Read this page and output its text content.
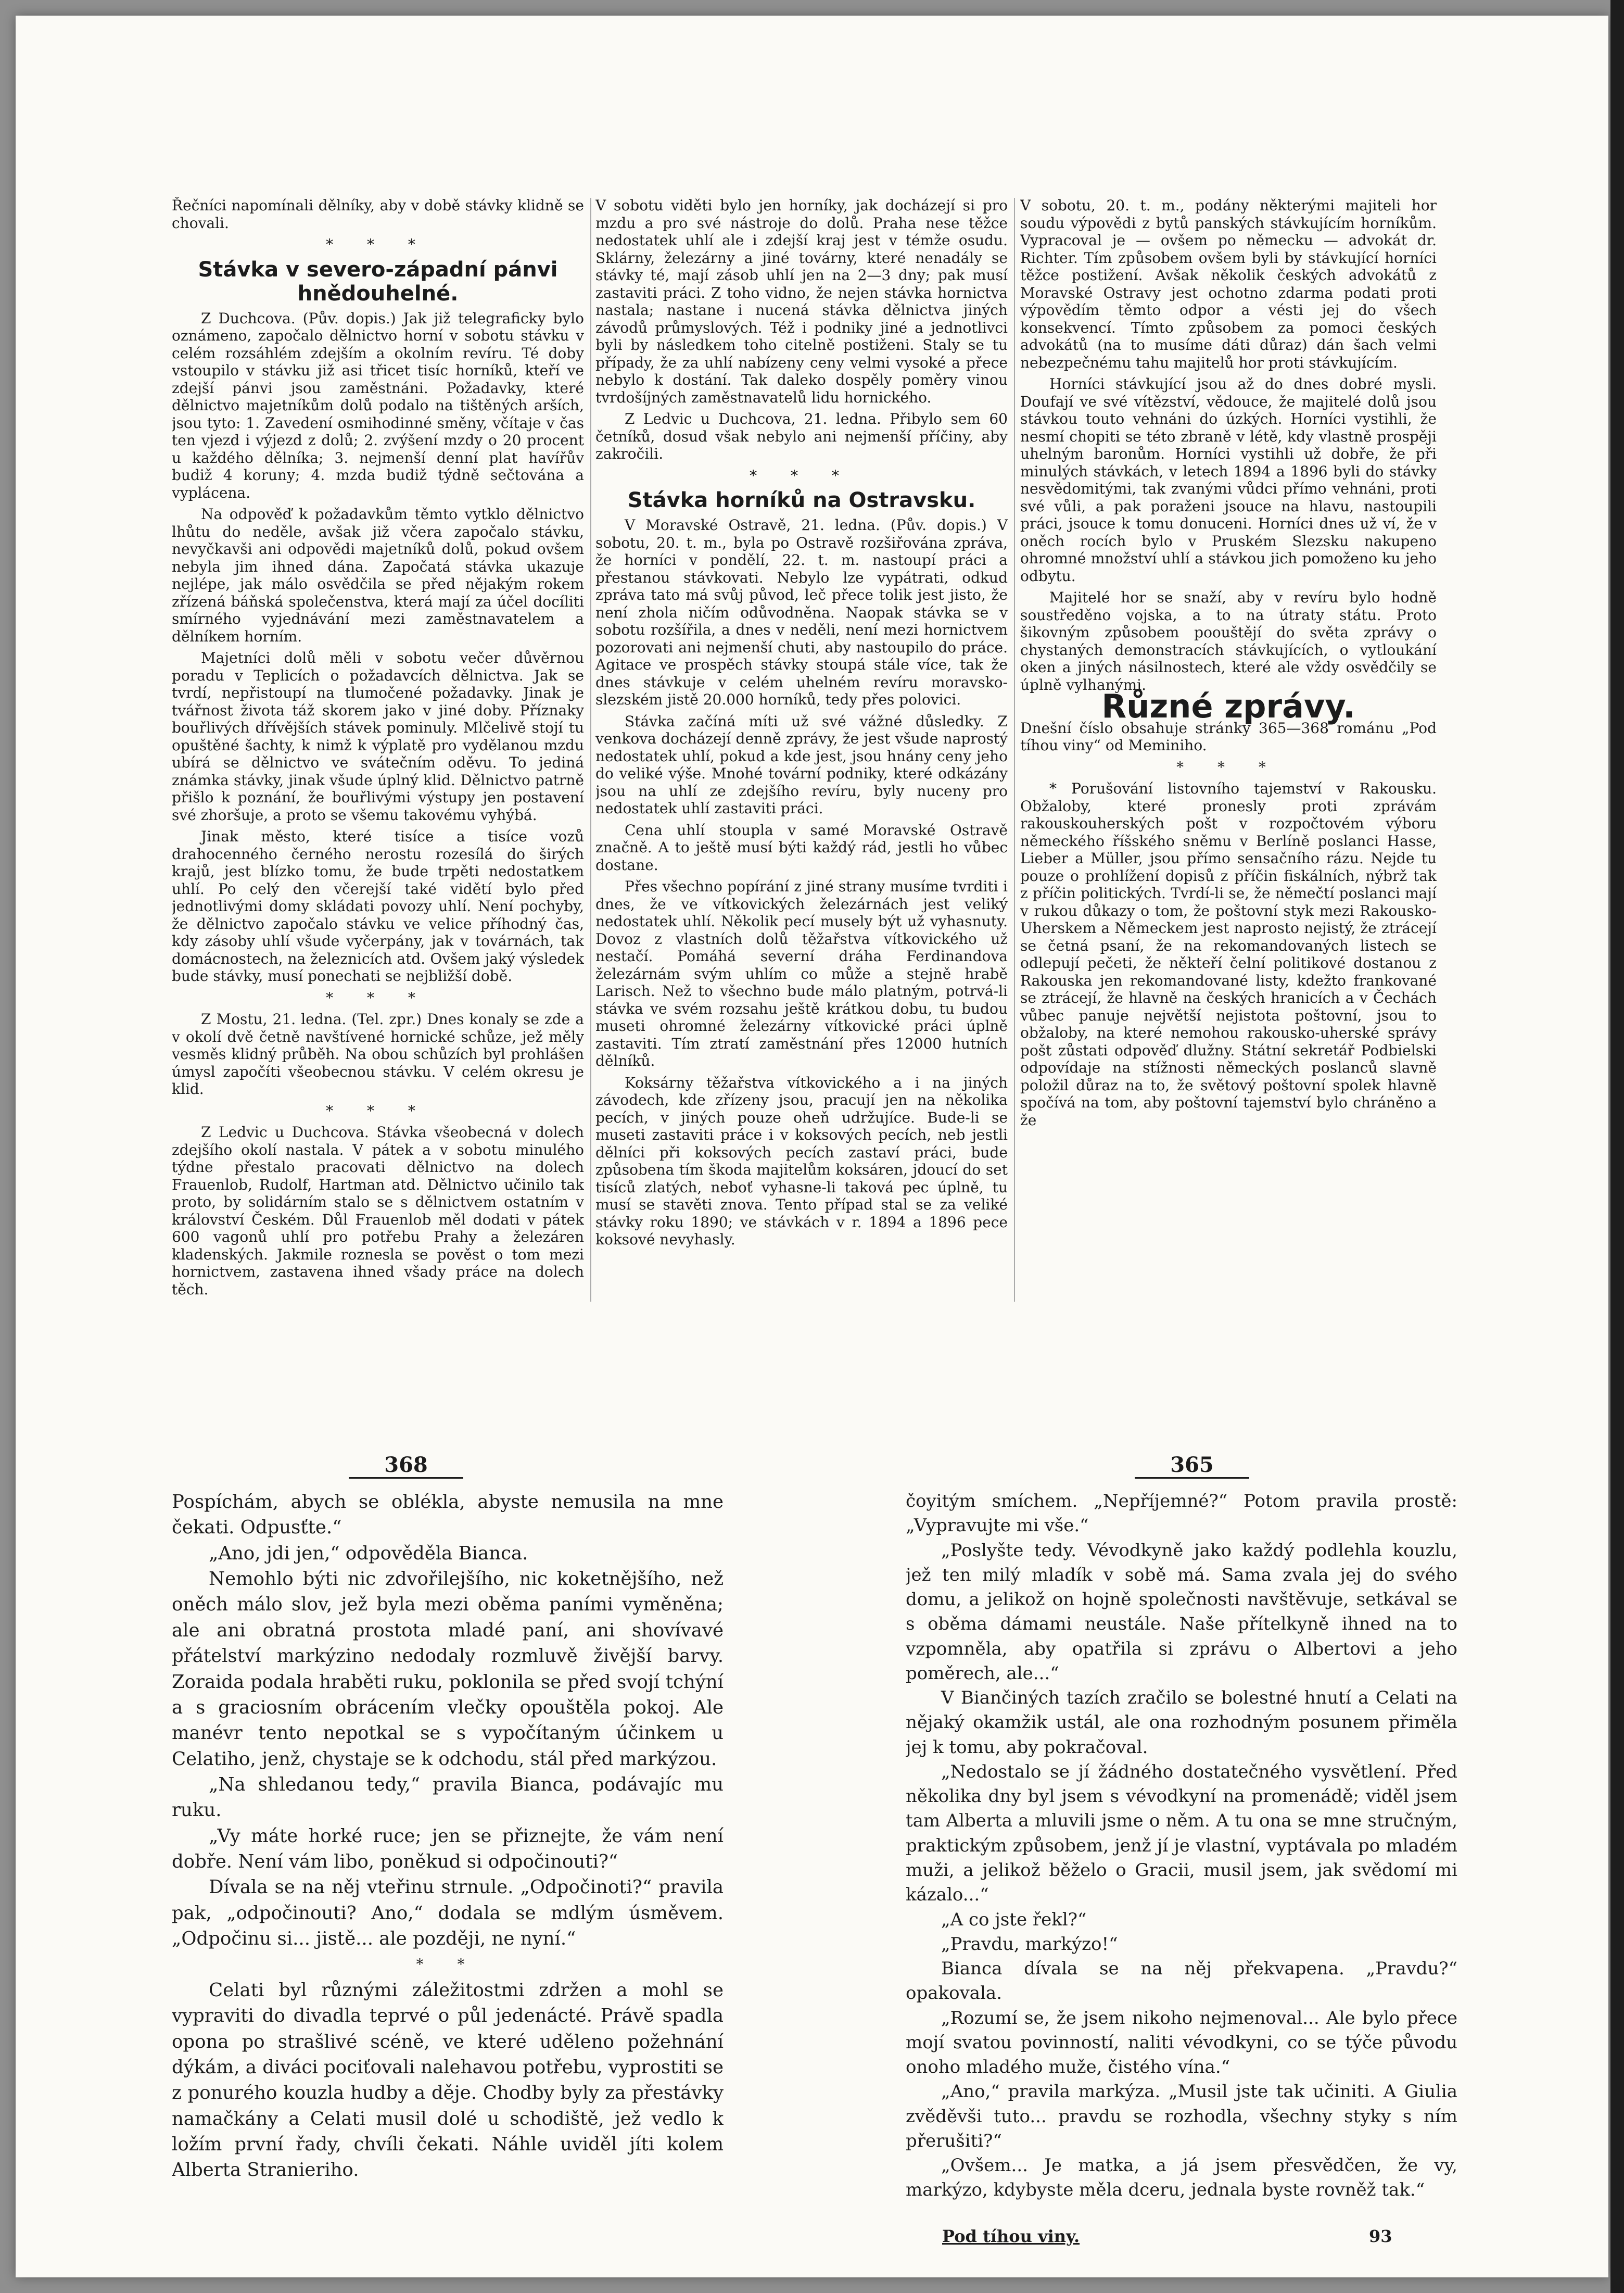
Řečníci napomínali dělníky, aby v době stávky klidně se chovali.

* * *

Stávka v severo-západní pánvi hnědouhelné.

Z Duchcova. (Pův. dopis.) Jak již telegraficky bylo oznámeno, započalo dělnictvo horní v sobotu stávku v celém rozsáhlém zdejším a okolním revíru. Té doby vstoupilo v stávku již asi třicet tisíc horníků, kteří ve zdejší pánvi jsou zaměstnáni. Požadavky, které dělnictvo majetníkům dolů podalo na tištěných arších, jsou tyto: 1. Zavedení osmihodinné směny, včítaje v čas ten vjezd i výjezd z dolů; 2. zvýšení mzdy o 20 procent u každého dělníka; 3. nejmenší denní plat havířův budiž 4 koruny; 4. mzda budiž týdně sečtována a vyplácena.

Na odpověď k požadavkům těmto vytklo dělnictvo lhůtu do neděle, avšak již včera započalo stávku, nevyčkavši ani odpovědi majetníků dolů, pokud ovšem nebyla jim ihned dána. Započatá stávka ukazuje nejlépe, jak málo osvědčila se před nějakým rokem zřízená báňská společenstva, která mají za účel docíliti smírného vyjednávání mezi zaměstnavatelem a dělníkem horním.

Majetníci dolů měli v sobotu večer důvěrnou poradu v Teplicích o požadavcích dělnictva. Jak se tvrdí, nepřistoupí na tlumočené požadavky. Jinak je tvářnost života táž skorem jako v jiné doby. Příznaky bouřlivých dřívějších stávek pominuly. Mlčelivě stojí tu opuštěné šachty, k nimž k výplatě pro vydělanou mzdu ubírá se dělnictvo ve svátečním oděvu. To jediná známka stávky, jinak všude úplný klid. Dělnictvo patrně přišlo k poznání, že bouřlivými výstupy jen postavení své zhoršuje, a proto se všemu takovému vyhýbá.

Jinak město, které tisíce a tisíce vozů drahocenného černého nerostu rozesílá do širých krajů, jest blízko tomu, že bude trpěti nedostatkem uhlí. Po celý den včerejší také vidětí bylo před jednotlivými domy skládati povozy uhlí. Není pochyby, že dělnictvo započalo stávku ve velice příhodný čas, kdy zásoby uhlí všude vyčerpány, jak v továrnách, tak domácnostech, na železnicích atd. Ovšem jaký výsledek bude stávky, musí ponechati se nejbližší době.

* * *

Z Mostu, 21. ledna. (Tel. zpr.) Dnes konaly se zde a v okolí dvě četně navštívené hornické schůze, jež měly vesměs klidný průběh. Na obou schůzích byl prohlášen úmysl započíti všeobecnou stávku. V celém okresu je klid.

* * *

Z Ledvic u Duchcova. Stávka všeobecná v dolech zdejšího okolí nastala. V pátek a v sobotu minulého týdne přestalo pracovati dělnictvo na dolech Frauenlob, Rudolf, Hartman atd. Dělnictvo učinilo tak proto, by solidárním stalo se s dělnictvem ostatním v království Českém. Důl Frauenlob měl dodati v pátek 600 vagonů uhlí pro potřebu Prahy a železáren kladenských. Jakmile roznesla se pověst o tom mezi hornictvem, zastavena ihned všady práce na dolech těch.

V sobotu viděti bylo jen horníky, jak docházejí si pro mzdu a pro své nástroje do dolů. Praha nese těžce nedostatek uhlí ale i zdejší kraj jest v témže osudu. Sklárny, železárny a jiné továrny, které nenadály se stávky té, mají zásob uhlí jen na 2—3 dny; pak musí zastaviti práci. Z toho vidno, že nejen stávka hornictva nastala; nastane i nucená stávka dělnictva jiných závodů průmyslových. Též i podniky jiné a jednotlivci byli by následkem toho citelně postiženi. Staly se tu případy, že za uhlí nabízeny ceny velmi vysoké a přece nebylo k dostání. Tak daleko dospěly poměry vinou tvrdošíjných zaměstnavatelů lidu hornického.

Z Ledvic u Duchcova, 21. ledna. Přibylo sem 60 četníků, dosud však nebylo ani nejmenší příčiny, aby zakročili.

* * *

Stávka horníků na Ostravsku.

V Moravské Ostravě, 21. ledna. (Pův. dopis.) V sobotu, 20. t. m., byla po Ostravě rozšiřována zpráva, že horníci v pondělí, 22. t. m. nastoupí práci a přestanou stávkovati. Nebylo lze vypátrati, odkud zpráva tato má svůj původ, leč přece tolik jest jisto, že není zhola ničím odůvodněna. Naopak stávka se v sobotu rozšířila, a dnes v neděli, není mezi hornictvem pozorovati ani nejmenší chuti, aby nastoupilo do práce. Agitace ve prospěch stávky stoupá stále více, tak že dnes stávkuje v celém uhelném revíru moravsko-slezském jistě 20.000 horníků, tedy přes polovici.

Stávka začíná míti už své vážné důsledky. Z venkova docházejí denně zprávy, že jest všude naprostý nedostatek uhlí, pokud a kde jest, jsou hnány ceny jeho do veliké výše. Mnohé tovární podniky, které odkázány jsou na uhlí ze zdejšího revíru, byly nuceny pro nedostatek uhlí zastaviti práci.

Cena uhlí stoupla v samé Moravské Ostravě značně. A to ještě musí býti každý rád, jestli ho vůbec dostane.

Přes všechno popírání z jiné strany musíme tvrditi i dnes, že ve vítkovických železárnách jest veliký nedostatek uhlí. Několik pecí musely být už vyhasnuty. Dovoz z vlastních dolů těžařstva vítkovického už nestačí. Pomáhá severní dráha Ferdinandova železárnám svým uhlím co může a stejně hrabě Larisch. Než to všechno bude málo platným, potrvá-li stávka ve svém rozsahu ještě krátkou dobu, tu budou museti ohromné železárny vítkovické práci úplně zastaviti. Tím ztratí zaměstnání přes 12000 hutních dělníků.

Koksárny těžařstva vítkovického a i na jiných závodech, kde zřízeny jsou, pracují jen na několika pecích, v jiných pouze oheň udržujíce. Bude-li se museti zastaviti práce i v koksových pecích, neb jestli dělníci při koksových pecích zastaví práci, bude způsobena tím škoda majitelům koksáren, jdoucí do set tisíců zlatých, neboť vyhasne-li taková pec úplně, tu musí se stavěti znova. Tento případ stal se za veliké stávky roku 1890; ve stávkách v r. 1894 a 1896 pece koksové nevyhasly.

V sobotu, 20. t. m., podány některými majiteli hor soudu výpovědi z bytů panských stávkujícím horníkům. Vypracoval je — ovšem po německu — advokát dr. Richter. Tím způsobem ovšem byli by stávkující horníci těžce postižení. Avšak několik českých advokátů z Moravské Ostravy jest ochotno zdarma podati proti výpovědím těmto odpor a vésti jej do všech konsekvencí. Tímto způsobem za pomoci českých advokátů (na to musíme dáti důraz) dán šach velmi nebezpečnému tahu majitelů hor proti stávkujícím.

Horníci stávkující jsou až do dnes dobré mysli. Doufají ve své vítězství, vědouce, že majitelé dolů jsou stávkou touto vehnáni do úzkých. Horníci vystihli, že nesmí chopiti se této zbraně v létě, kdy vlastně prospěji uhelným baronům. Horníci vystihli už dobře, že při minulých stávkách, v letech 1894 a 1896 byli do stávky nesvědomitými, tak zvanými vůdci přímo vehnáni, proti své vůli, a pak poraženi jsouce na hlavu, nastoupili práci, jsouce k tomu donuceni. Horníci dnes už ví, že v oněch rocích bylo v Pruském Slezsku nakupeno ohromné množství uhlí a stávkou jich pomoženo ku jeho odbytu.

Majitelé hor se snaží, aby v revíru bylo hodně soustředěno vojska, a to na útraty státu. Proto šikovným způsobem poouštějí do světa zprávy o chystaných demonstracích stávkujících, o vytloukání oken a jiných násilnostech, které ale vždy osvědčily se úplně vylhanými.

Různé zprávy.

Dnešní číslo obsahuje stránky 365—368 románu „Pod tíhou viny“ od Meminiho.

* * *

* Porušování listovního tajemství v Rakousku. Obžaloby, které pronesly proti zprávám rakouskouherských pošt v rozpočtovém výboru německého říšského sněmu v Berlíně poslanci Hasse, Lieber a Müller, jsou přímo sensačního rázu. Nejde tu pouze o prohlížení dopisů z příčin fiskálních, nýbrž tak z příčin politických. Tvrdí-li se, že němečtí poslanci mají v rukou důkazy o tom, že poštovní styk mezi Rakousko-Uherskem a Německem jest naprosto nejistý, že ztrácejí se četná psaní, že na rekomandovaných listech se odlepují pečeti, že někteří čelní politikové dostanou z Rakouska jen rekomandované listy, kdežto frankované se ztrácejí, že hlavně na českých hranicích a v Čechách vůbec panuje největší nejistota poštovní, jsou to obžaloby, na které nemohou rakousko-uherské správy pošt zůstati odpověď dlužny. Státní sekretář Podbielski odpovídaje na stížnosti německých poslanců slavně položil důraz na to, že světový poštovní spolek hlavně spočívá na tom, aby poštovní tajemství bylo chráněno a že

368	365

Pospíchám, abych se oblékla, abyste nemusila na mne čekati. Odpusťte.“

„Ano, jdi jen,“ odpověděla Bianca.

Nemohlo býti nic zdvořilejšího, nic koketnějšího, než oněch málo slov, jež byla mezi oběma paními vyměněna; ale ani obratná prostota mladé paní, ani shovívavé přátelství markýzino nedodaly rozmluvě živější barvy. Zoraida podala hraběti ruku, poklonila se před svojí tchýní a s graciosním obrácením vlečky opouštěla pokoj. Ale manévr tento nepotkal se s vypočítaným účinkem u Celatiho, jenž, chystaje se k odchodu, stál před markýzou.

„Na shledanou tedy,“ pravila Bianca, podávajíc mu ruku.

„Vy máte horké ruce; jen se přiznejte, že vám není dobře. Není vám libo, poněkud si odpočinouti?“

Dívala se na něj vteřinu strnule. „Odpočinoti?“ pravila pak, „odpočinouti? Ano,“ dodala se mdlým úsměvem. „Odpočinu si... jistě... ale později, ne nyní.“

* *

Celati byl různými záležitostmi zdržen a mohl se vypraviti do divadla teprvé o půl jedenácté. Právě spadla opona po strašlivé scéně, ve které uděleno požehnání dýkám, a diváci pociťovali nalehavou potřebu, vyprostiti se z ponurého kouzla hudby a děje. Chodby byly za přestávky namačkány a Celati musil dolé u schodiště, jež vedlo k ložím první řady, chvíli čekati. Náhle uviděl jíti kolem Alberta Stranieriho.

čoyitým smíchem. „Nepříjemné?“ Potom pravila prostě: „Vypravujte mi vše.“

„Poslyšte tedy. Vévodkyně jako každý podlehla kouzlu, jež ten milý mladík v sobě má. Sama zvala jej do svého domu, a jelikož on hojně společnosti navštěvuje, setkával se s oběma dámami neustále. Naše přítelkyně ihned na to vzpomněla, aby opatřila si zprávu o Albertovi a jeho poměrech, ale...“

V Biančiných tazích zračilo se bolestné hnutí a Celati na nějaký okamžik ustál, ale ona rozhodným posunem přiměla jej k tomu, aby pokračoval.

„Nedostalo se jí žádného dostatečného vysvětlení. Před několika dny byl jsem s vévodkyní na promenádě; viděl jsem tam Alberta a mluvili jsme o něm. A tu ona se mne stručným, praktickým způsobem, jenž jí je vlastní, vyptávala po mladém muži, a jelikož běželo o Gracii, musil jsem, jak svědomí mi kázalo...“

„A co jste řekl?“

„Pravdu, markýzo!“

Bianca dívala se na něj překvapena. „Pravdu?“ opakovala.

„Rozumí se, že jsem nikoho nejmenoval... Ale bylo přece mojí svatou povinností, naliti vévodkyni, co se týče původu onoho mladého muže, čistého vína.“

„Ano,“ pravila markýza. „Musil jste tak učiniti. A Giulia zvěděvši tuto... pravdu se rozhodla, všechny styky s ním přerušiti?“

„Ovšem... Je matka, a já jsem přesvědčen, že vy, markýzo, kdybyste měla dceru, jednala byste rovněž tak.“

Pod tíhou viny.	93
